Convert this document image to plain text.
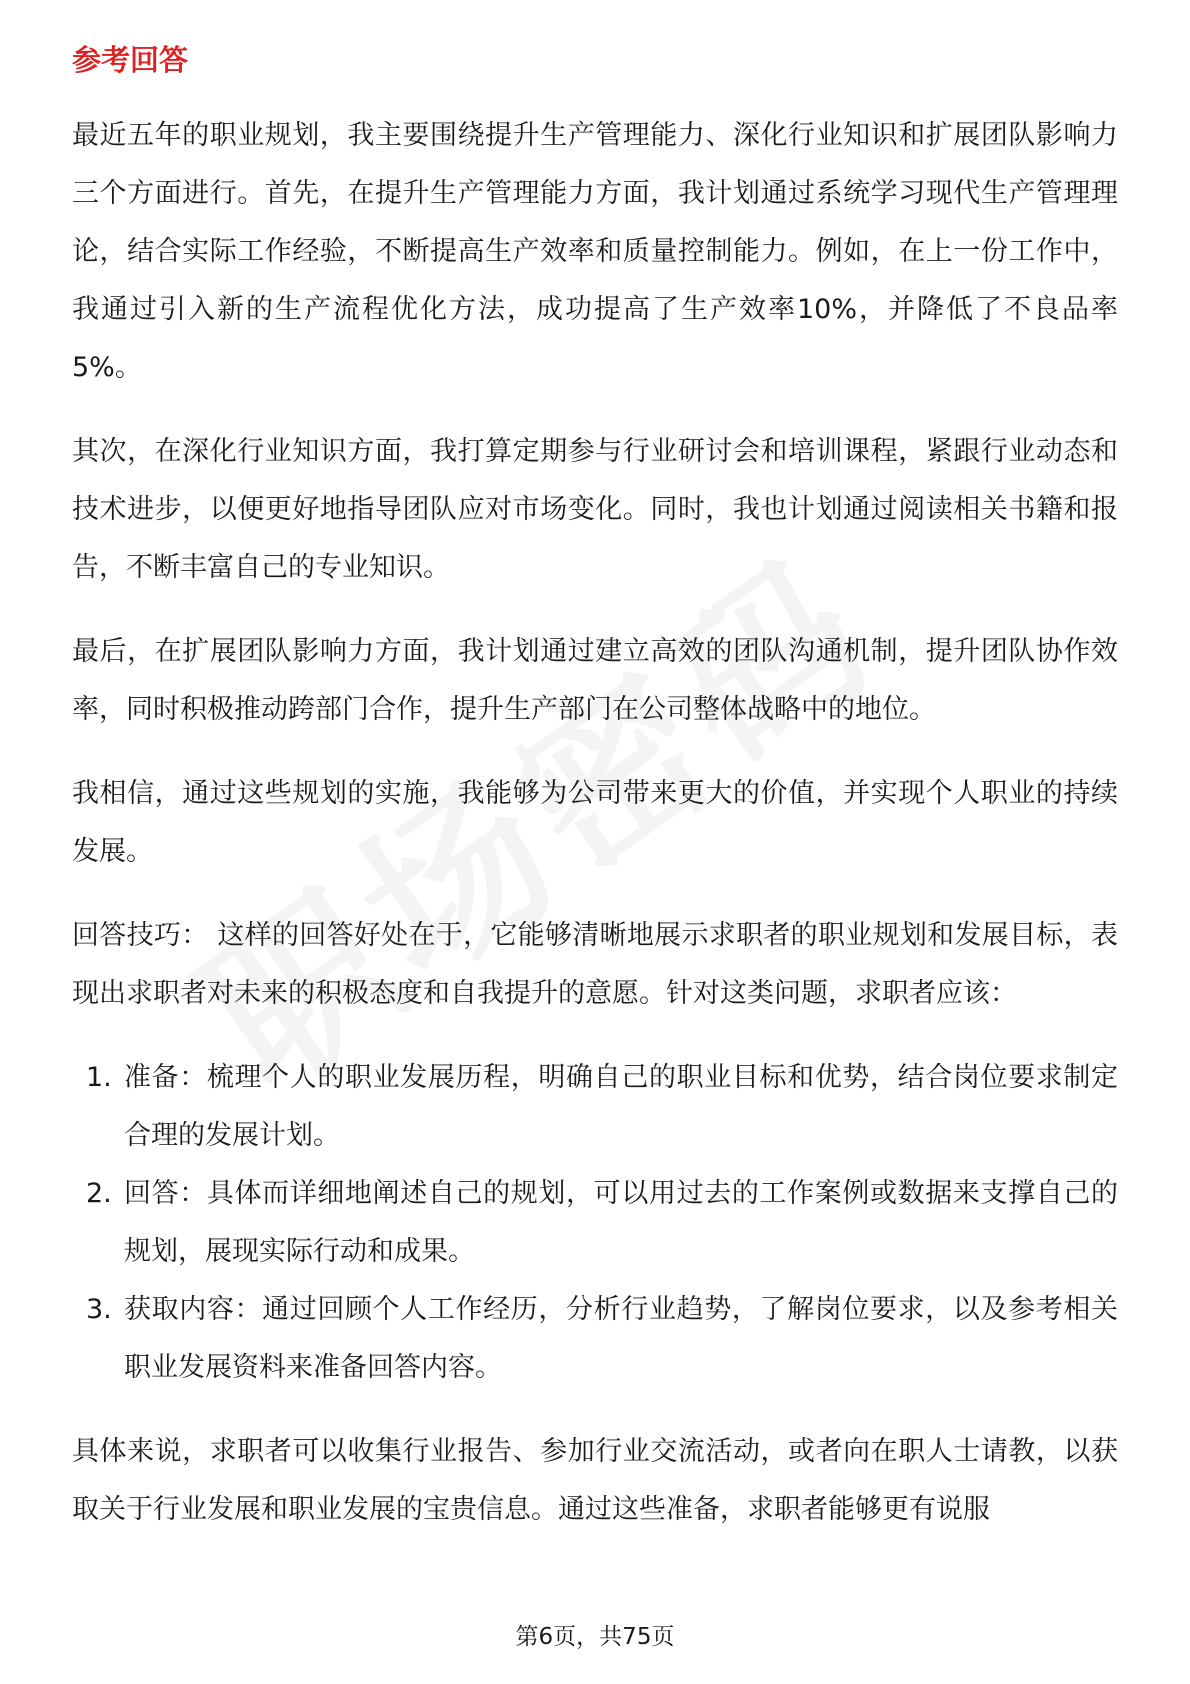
参考回答

最近五年的职业规划，我主要围绕提升生产管理能力、深化行业知识和扩展团队影响力三个方面进行。首先，在提升生产管理能力方面，我计划通过系统学习现代生产管理理论，结合实际工作经验，不断提高生产效率和质量控制能力。例如，在上一份工作中，我通过引入新的生产流程优化方法，成功提高了生产效率10%，并降低了不良品率5%。

其次，在深化行业知识方面，我打算定期参与行业研讨会和培训课程，紧跟行业动态和技术进步，以便更好地指导团队应对市场变化。同时，我也计划通过阅读相关书籍和报告，不断丰富自己的专业知识。

最后，在扩展团队影响力方面，我计划通过建立高效的团队沟通机制，提升团队协作效率，同时积极推动跨部门合作，提升生产部门在公司整体战略中的地位。

我相信，通过这些规划的实施，我能够为公司带来更大的价值，并实现个人职业的持续发展。

回答技巧： 这样的回答好处在于，它能够清晰地展示求职者的职业规划和发展目标，表现出求职者对未来的积极态度和自我提升的意愿。针对这类问题，求职者应该：

1. 准备：梳理个人的职业发展历程，明确自己的职业目标和优势，结合岗位要求制定合理的发展计划。
2. 回答：具体而详细地阐述自己的规划，可以用过去的工作案例或数据来支撑自己的规划，展现实际行动和成果。
3. 获取内容：通过回顾个人工作经历，分析行业趋势，了解岗位要求，以及参考相关职业发展资料来准备回答内容。

具体来说，求职者可以收集行业报告、参加行业交流活动，或者向在职人士请教，以获取关于行业发展和职业发展的宝贵信息。通过这些准备，求职者能够更有说服

第6页，共75页
